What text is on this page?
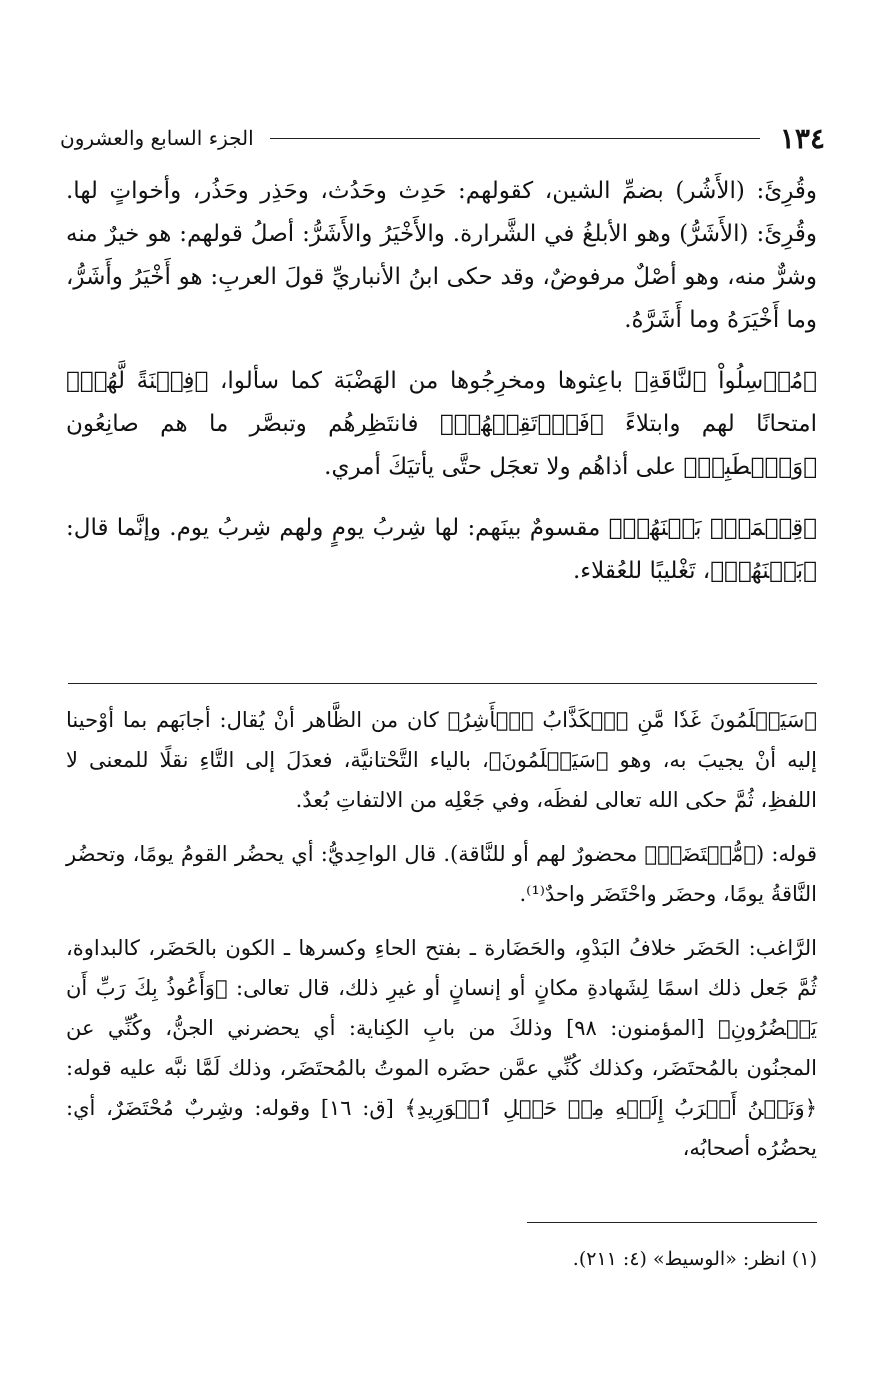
١٣٤
الجزء السابع والعشرون

وقُرِئَ: (الأَشُر) بضمِّ الشين، كقولهم: حَدِث وحَدُث، وحَذِر وحَذُر، وأخواتٍ لها. وقُرِئَ: (الأَشَرُّ) وهو الأبلغُ في الشَّرارة. والأَخْيَرُ والأَشَرُّ: أصلُ قولهم: هو خيرٌ منه وشرٌّ منه، وهو أصْلٌ مرفوضٌ، وقد حكى ابنُ الأنباريِّ قولَ العربِ: هو أَخْيَرُ وأَشَرُّ، وما أَخْيَرَهُ وما أَشَرَّهُ.

﴿مُرۡسِلُواْ ٱلنَّاقَةِ﴾ باعِثوها ومخرِجُوها من الهَضْبَة كما سألوا، ﴿فِتۡنَةً لَّهُمۡ﴾ امتحانًا لهم وابتلاءً ﴿فَٱرۡتَقِبۡهُمۡ﴾ فانتَظِرهُم وتبصَّر ما هم صانِعُون ﴿وَٱصۡطَبِرۡ﴾ على أذاهُم ولا تعجَل حتَّى يأتيَكَ أمري.

﴿قِسۡمَةُۢ بَيۡنَهُمۡ﴾ مقسومٌ بينَهم: لها شِربُ يومٍ ولهم شِربُ يوم. وإنَّما قال: ﴿بَيۡنَهُمۡ﴾، تَغْليبًا للعُقلاء.

﴿سَيَعۡلَمُونَ غَدٗا مَّنِ ٱلۡكَذَّابُ ٱلۡأَشِرُ﴾ كان من الظَّاهر أنْ يُقال: أجابَهم بما أوْحينا إليه أنْ يجيبَ به، وهو ﴿سَيَعۡلَمُونَ﴾، بالياء التَّحْتانيَّة، فعدَلَ إلى التَّاءِ نقلًا للمعنى لا اللفظِ، ثُمَّ حكى الله تعالى لفظَه، وفي جَعْلِه من الالتفاتِ بُعدٌ.

قوله: (﴿مُّحۡتَضَرٞ﴾ محضورٌ لهم أو للنَّاقة). قال الواحِديُّ: أي يحضُر القومُ يومًا، وتحضُر النَّاقةُ يومًا، وحضَر واحْتَضَر واحدٌ⁽¹⁾.

الرَّاغب: الحَضَر خلافُ البَدْوِ، والحَضَارة ـ بفتح الحاءِ وكسرها ـ الكون بالحَضَر، كالبداوة، ثُمَّ جَعل ذلك اسمًا لِشَهادةِ مكانٍ أو إنسانٍ أو غيرِ ذلك، قال تعالى: ﴿وَأَعُوذُ بِكَ رَبِّ أَن يَحۡضُرُونِ﴾ [المؤمنون: ٩٨] وذلكَ من بابِ الكِناية: أي يحضرني الجنُّ، وكُنِّي عن المجنُون بالمُحتَضَر، وكذلك كُنِّي عمَّن حضَره الموتُ بالمُحتَضَر، وذلك لَمَّا نبَّه عليه قوله: ﴿وَنَحۡنُ أَقۡرَبُ إِلَيۡهِ مِنۡ حَبۡلِ ٱلۡوَرِيدِ﴾ [ق: ١٦] وقوله: وشِربٌ مُحْتَضَرٌ، أي: يحضُرُه أصحابُه،

(١) انظر: «الوسيط» (٤: ٢١١).
